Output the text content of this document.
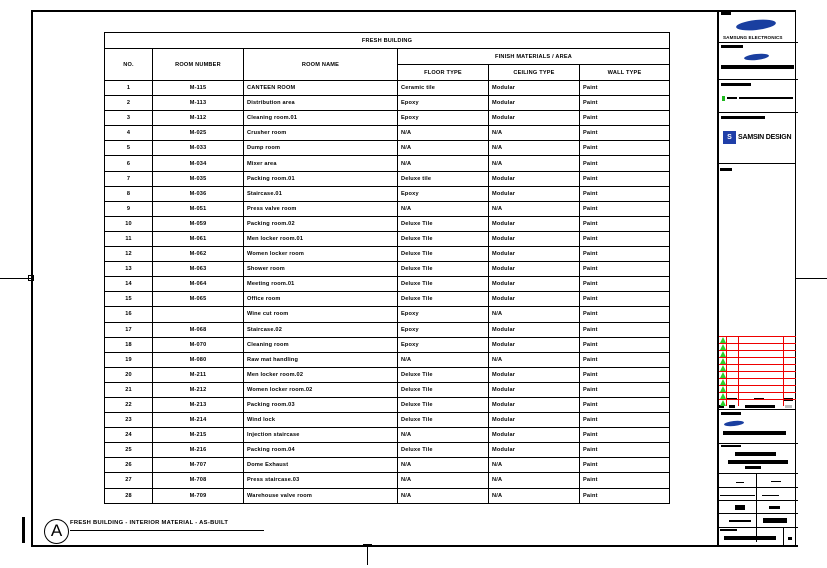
FRESH BUILDING					
NO.	ROOM NUMBER	ROOM NAME	FINISH MATERIALS / AREA		
			FLOOR TYPE	CEILING TYPE	WALL TYPE
1	M-115	CANTEEN ROOM	Ceramic tile	Modular	Paint
2	M-113	Distribution area	Epoxy	Modular	Paint
3	M-112	Cleaning room.01	Epoxy	Modular	Paint
4	M-025	Crusher room	N/A	N/A	Paint
5	M-033	Dump room	N/A	N/A	Paint
6	M-034	Mixer area	N/A	N/A	Paint
7	M-035	Packing room.01	Deluxe tile	Modular	Paint
8	M-036	Staircase.01	Epoxy	Modular	Paint
9	M-051	Press valve room	N/A	N/A	Paint
10	M-059	Packing room.02	Deluxe Tile	Modular	Paint
11	M-061	Men locker room.01	Deluxe Tile	Modular	Paint
12	M-062	Women locker room	Deluxe Tile	Modular	Paint
13	M-063	Shower room	Deluxe Tile	Modular	Paint
14	M-064	Meeting room.01	Deluxe Tile	Modular	Paint
15	M-065	Office room	Deluxe Tile	Modular	Paint
16		Wine cut room	Epoxy	N/A	Paint
17	M-068	Staircase.02	Epoxy	Modular	Paint
18	M-070	Cleaning room	Epoxy	Modular	Paint
19	M-080	Raw mat handling	N/A	N/A	Paint
20	M-211	Men locker room.02	Deluxe Tile	Modular	Paint
21	M-212	Women locker room.02	Deluxe Tile	Modular	Paint
22	M-213	Packing room.03	Deluxe Tile	Modular	Paint
23	M-214	Wind lock	Deluxe Tile	Modular	Paint
24	M-215	Injection staircase	N/A	Modular	Paint
25	M-216	Packing room.04	Deluxe Tile	Modular	Paint
26	M-707	Dome Exhaust	N/A	N/A	Paint
27	M-708	Press staircase.03	N/A	N/A	Paint
28	M-709	Warehouse valve room	N/A	N/A	Paint
A	FRESH BUILDING - INTERIOR MATERIAL - AS-BUILT
SAMSUNG ELECTRONICS
S SAMSIN DESIGN
